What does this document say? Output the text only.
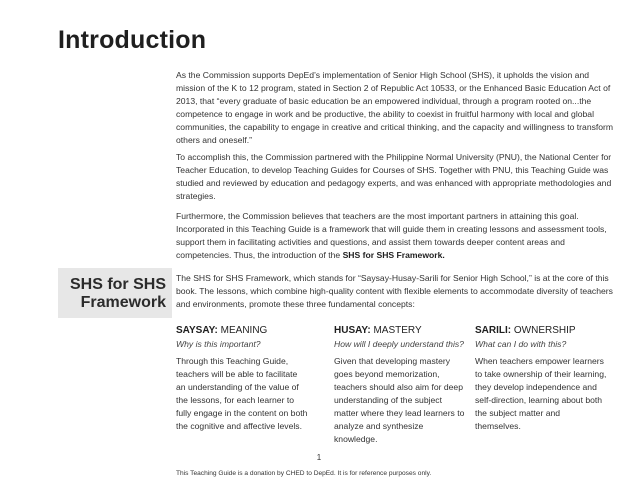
Introduction

As the Commission supports DepEd’s implementation of Senior High School (SHS), it upholds the vision and mission of the K to 12 program, stated in Section 2 of Republic Act 10533, or the Enhanced Basic Education Act of 2013, that “every graduate of basic education be an empowered individual, through a program rooted on...the competence to engage in work and be productive, the ability to coexist in fruitful harmony with local and global communities, the capability to engage in creative and critical thinking, and the capacity and willingness to transform others and oneself.”

To accomplish this, the Commission partnered with the Philippine Normal University (PNU), the National Center for Teacher Education, to develop Teaching Guides for Courses of SHS. Together with PNU, this Teaching Guide was studied and reviewed by education and pedagogy experts, and was enhanced with appropriate methodologies and strategies.

Furthermore, the Commission believes that teachers are the most important partners in attaining this goal. Incorporated in this Teaching Guide is a framework that will guide them in creating lessons and assessment tools, support them in facilitating activities and questions, and assist them towards deeper content areas and competencies. Thus, the introduction of the SHS for SHS Framework.

SHS for SHS
Framework

The SHS for SHS Framework, which stands for “Saysay-Husay-Sarili for Senior High School,” is at the core of this book. The lessons, which combine high-quality content with flexible elements to accommodate diversity of teachers and environments, promote these three fundamental concepts:

SAYSAY: MEANING
Why is this important?

Through this Teaching Guide, teachers will be able to facilitate an understanding of the value of the lessons, for each learner to fully engage in the content on both the cognitive and affective levels.

HUSAY: MASTERY
How will I deeply understand this?

Given that developing mastery goes beyond memorization, teachers should also aim for deep understanding of the subject matter where they lead learners to analyze and synthesize knowledge.

SARILI: OWNERSHIP
What can I do with this?

When teachers empower learners to take ownership of their learning, they develop independence and self-direction, learning about both the subject matter and themselves.

1
This Teaching Guide is a donation by CHED to DepEd. It is for reference purposes only.
